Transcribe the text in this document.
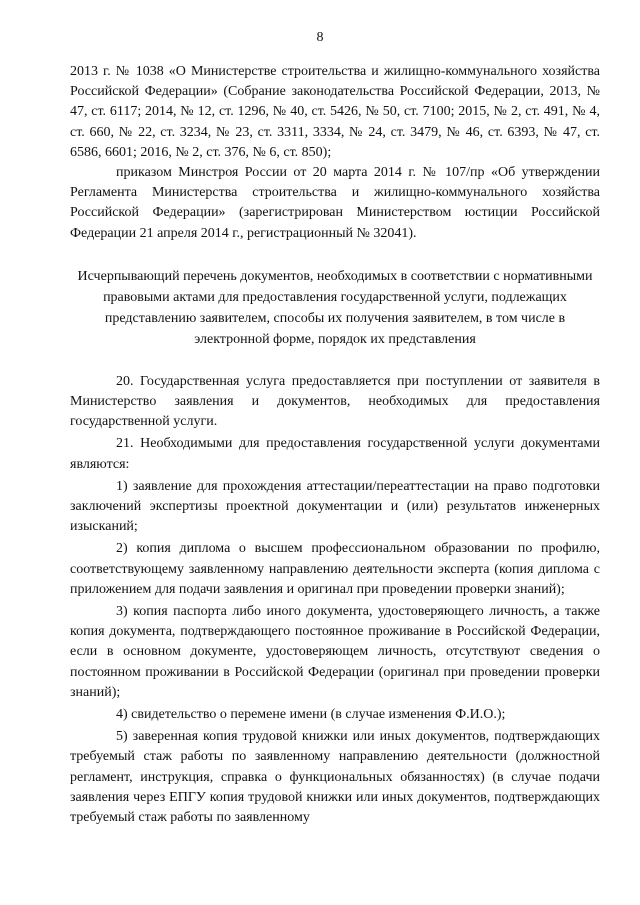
8

2013 г. № 1038 «О Министерстве строительства и жилищно-коммунального хозяйства Российской Федерации» (Собрание законодательства Российской Федерации, 2013, № 47, ст. 6117; 2014, № 12, ст. 1296, № 40, ст. 5426, № 50, ст. 7100; 2015, № 2, ст. 491, № 4, ст. 660, № 22, ст. 3234, № 23, ст. 3311, 3334, № 24, ст. 3479, № 46, ст. 6393, № 47, ст. 6586, 6601; 2016, № 2, ст. 376, № 6, ст. 850);

приказом Минстроя России от 20 марта 2014 г. № 107/пр «Об утверждении Регламента Министерства строительства и жилищно-коммунального хозяйства Российской Федерации» (зарегистрирован Министерством юстиции Российской Федерации 21 апреля 2014 г., регистрационный № 32041).

Исчерпывающий перечень документов, необходимых в соответствии с нормативными правовыми актами для предоставления государственной услуги, подлежащих представлению заявителем, способы их получения заявителем, в том числе в электронной форме, порядок их представления

20. Государственная услуга предоставляется при поступлении от заявителя в Министерство заявления и документов, необходимых для предоставления государственной услуги.

21. Необходимыми для предоставления государственной услуги документами являются:

1) заявление для прохождения аттестации/переаттестации на право подготовки заключений экспертизы проектной документации и (или) результатов инженерных изысканий;

2) копия диплома о высшем профессиональном образовании по профилю, соответствующему заявленному направлению деятельности эксперта (копия диплома с приложением для подачи заявления и оригинал при проведении проверки знаний);

3) копия паспорта либо иного документа, удостоверяющего личность, а также копия документа, подтверждающего постоянное проживание в Российской Федерации, если в основном документе, удостоверяющем личность, отсутствуют сведения о постоянном проживании в Российской Федерации (оригинал при проведении проверки знаний);

4) свидетельство о перемене имени (в случае изменения Ф.И.О.);

5) заверенная копия трудовой книжки или иных документов, подтверждающих требуемый стаж работы по заявленному направлению деятельности (должностной регламент, инструкция, справка о функциональных обязанностях) (в случае подачи заявления через ЕПГУ копия трудовой книжки или иных документов, подтверждающих требуемый стаж работы по заявленному
